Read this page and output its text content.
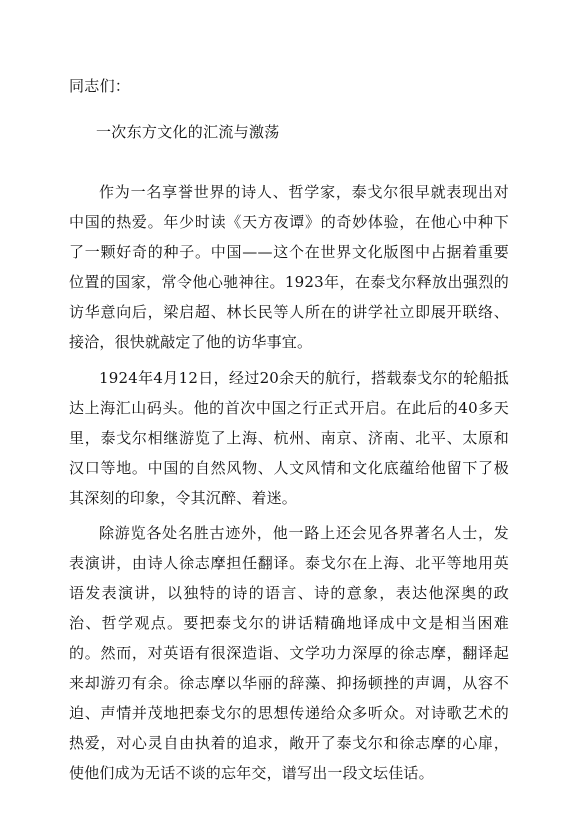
同志们：
一次东方文化的汇流与激荡

作为一名享誉世界的诗人、哲学家，泰戈尔很早就表现出对中国的热爱。年少时读《天方夜谭》的奇妙体验，在他心中种下了一颗好奇的种子。中国——这个在世界文化版图中占据着重要位置的国家，常令他心驰神往。1923年，在泰戈尔释放出强烈的访华意向后，梁启超、林长民等人所在的讲学社立即展开联络、接洽，很快就敲定了他的访华事宜。

1924年4月12日，经过20余天的航行，搭载泰戈尔的轮船抵达上海汇山码头。他的首次中国之行正式开启。在此后的40多天里，泰戈尔相继游览了上海、杭州、南京、济南、北平、太原和汉口等地。中国的自然风物、人文风情和文化底蕴给他留下了极其深刻的印象，令其沉醉、着迷。

除游览各处名胜古迹外，他一路上还会见各界著名人士，发表演讲，由诗人徐志摩担任翻译。泰戈尔在上海、北平等地用英语发表演讲，以独特的诗的语言、诗的意象，表达他深奥的政治、哲学观点。要把泰戈尔的讲话精确地译成中文是相当困难的。然而，对英语有很深造诣、文学功力深厚的徐志摩，翻译起来却游刃有余。徐志摩以华丽的辞藻、抑扬顿挫的声调，从容不迫、声情并茂地把泰戈尔的思想传递给众多听众。对诗歌艺术的热爱，对心灵自由执着的追求，敞开了泰戈尔和徐志摩的心扉，使他们成为无话不谈的忘年交，谱写出一段文坛佳话。
